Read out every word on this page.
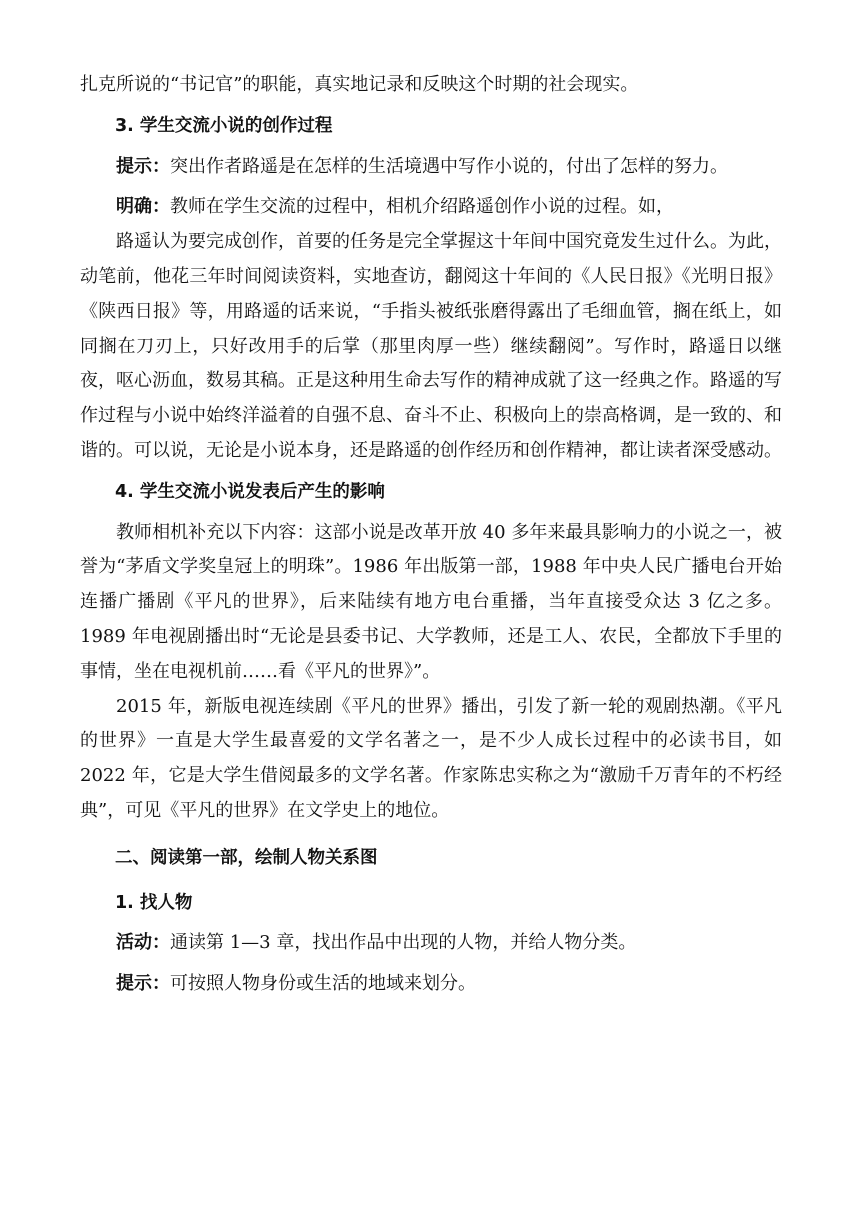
扎克所说的“书记官”的职能，真实地记录和反映这个时期的社会现实。

3. 学生交流小说的创作过程

提示：突出作者路遥是在怎样的生活境遇中写作小说的，付出了怎样的努力。

明确：教师在学生交流的过程中，相机介绍路遥创作小说的过程。如，

路遥认为要完成创作，首要的任务是完全掌握这十年间中国究竟发生过什么。为此，动笔前，他花三年时间阅读资料，实地查访，翻阅这十年间的《人民日报》《光明日报》《陕西日报》等，用路遥的话来说，“手指头被纸张磨得露出了毛细血管，搁在纸上，如同搁在刀刃上，只好改用手的后掌（那里肉厚一些）继续翻阅”。写作时，路遥日以继夜，呕心沥血，数易其稿。正是这种用生命去写作的精神成就了这一经典之作。路遥的写作过程与小说中始终洋溢着的自强不息、奋斗不止、积极向上的崇高格调，是一致的、和谐的。可以说，无论是小说本身，还是路遥的创作经历和创作精神，都让读者深受感动。

4. 学生交流小说发表后产生的影响

教师相机补充以下内容：这部小说是改革开放 40 多年来最具影响力的小说之一，被誉为“茅盾文学奖皇冠上的明珠”。1986 年出版第一部，1988 年中央人民广播电台开始连播广播剧《平凡的世界》，后来陆续有地方电台重播，当年直接受众达 3 亿之多。1989 年电视剧播出时“无论是县委书记、大学教师，还是工人、农民，全都放下手里的事情，坐在电视机前……看《平凡的世界》”。

2015 年，新版电视连续剧《平凡的世界》播出，引发了新一轮的观剧热潮。《平凡的世界》一直是大学生最喜爱的文学名著之一，是不少人成长过程中的必读书目，如 2022 年，它是大学生借阅最多的文学名著。作家陈忠实称之为“激励千万青年的不朽经典”，可见《平凡的世界》在文学史上的地位。

二、阅读第一部，绘制人物关系图

1. 找人物

活动：通读第 1—3 章，找出作品中出现的人物，并给人物分类。

提示：可按照人物身份或生活的地域来划分。
